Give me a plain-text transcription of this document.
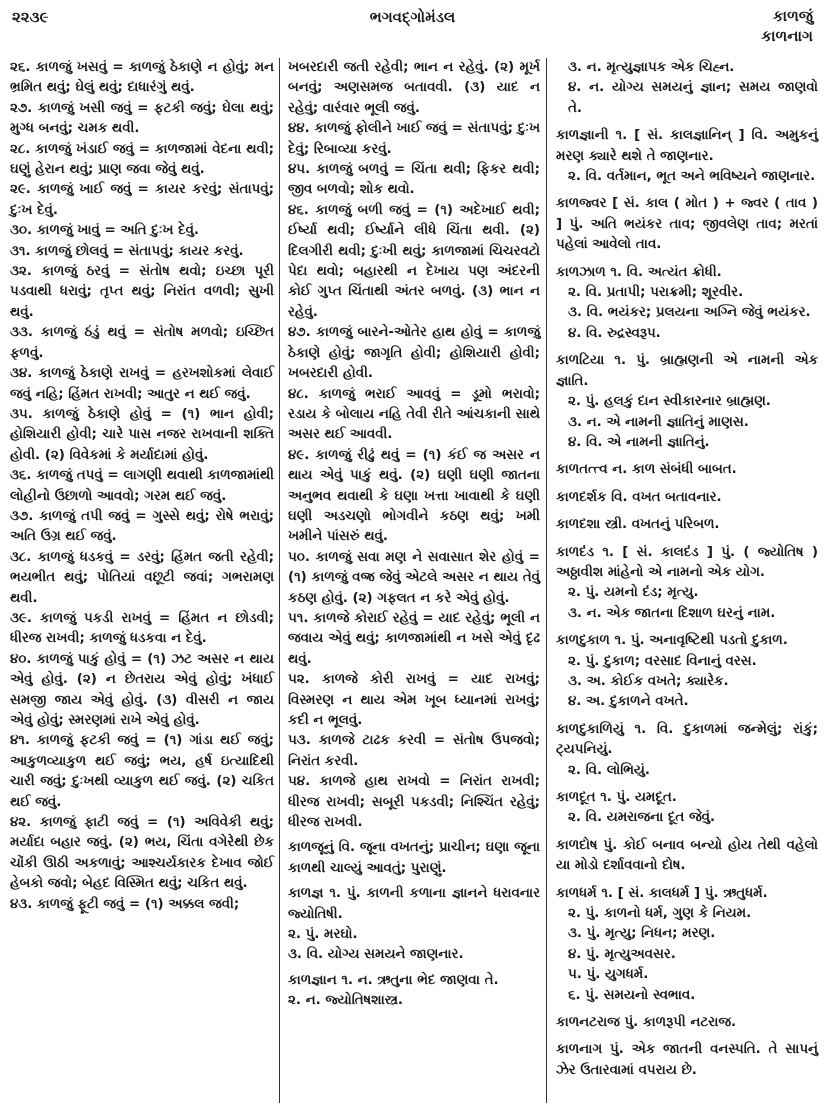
૨૨૩૯	ભગવદ્ગોમંડલ	કાળજું
કાળનાગ

૨૬. કાળજું ખસવું = કાળજું ઠેકાણે ન હોવું; મન ભ્રમિત થવું; ઘેલું થવું; દાધારંગું થવું.

૨૭. કાળજું ખસી જવું = ફટકી જવું; ઘેલા થવું; મુગ્ધ બનવું; ચમક થવી.

૨૮. કાળજું ખંડાઈ જવું = કાળજામાં વેદના થવી; ઘણું હેરાન થવું; પ્રાણ જવા જેવું થવું.

૨૯. કાળજું ખાઈ જવું = કાયર કરવું; સંતાપવું; દુઃખ દેવું.

૩૦. કાળજું ખાવું = અતિ દુઃખ દેવું.

૩૧. કાળજું છોલવું = સંતાપવું; કાયર કરવું.

૩૨. કાળજું ઠરવું = સંતોષ થવો; ઇચ્છા પૂરી પડવાથી ધરાવું; તૃપ્ત થવું; નિરાંત વળવી; સુખી થવું.

૩૩. કાળજું ઠંડું થવું = સંતોષ મળવો; ઇચ્છિત ફળવું.

૩૪. કાળજું ઠેકાણે રાખવું = હરખશોકમાં લેવાઈ જવું નહિ; હિંમત રાખવી; આતુર ન થઈ જવું.

૩૫. કાળજું ઠેકાણે હોવું = (૧) ભાન હોવી; હોશિયારી હોવી; ચારે પાસ નજર રાખવાની શક્તિ હોવી. (૨) વિવેકમાં કે મર્યાદામાં હોવું.

૩૬. કાળજું તપવું = લાગણી થવાથી કાળજામાંથી લોહીનો ઉછાળો આવવો; ગરમ થઈ જવું.

૩૭. કાળજું તપી જવું = ગુસ્સે થવું; રોષે ભરાવું; અતિ ઉગ્ર થઈ જવું.

૩૮. કાળજું ધડકવું = ડરવું; હિંમત જતી રહેવી; ભયભીત થવું; પોતિયાં વછૂટી જવાં; ગભરામણ થવી.

૩૯. કાળજું પકડી રાખવું = હિંમત ન છોડવી; ધીરજ રાખવી; કાળજું ધડકવા ન દેવું.

૪૦. કાળજું પાકું હોવું = (૧) ઝટ અસર ન થાય એવું હોવું. (૨) ન છેતરાય એવું હોવું; ખંધાઈ સમજી જાય એવું હોવું. (૩) વીસરી ન જાય એવું હોવું; સ્મરણમાં રાખે એવું હોવું.

૪૧. કાળજું ફટકી જવું = (૧) ગાંડા થઈ જવું; આકુળવ્યાકુળ થઈ જવું; ભય, હર્ષ ઇત્યાદિથી ચારી જવું; દુઃખથી વ્યાકુળ થઈ જવું. (૨) ચકિત થઈ જવું.

૪૨. કાળજું ફાટી જવું = (૧) અવિવેકી થવું; મર્યાદા બહાર જવું. (૨) ભય, ચિંતા વગેરેથી છેક ચોંકી ઊઠી અકળાવું; આશ્ચર્યકારક દેખાવ જોઈ હેબકો જવો; બેહદ વિસ્મિત થવું; ચકિત થવું.

૪૩. કાળજું ફૂટી જવું = (૧) અક્કલ જવી;

ખબરદારી જતી રહેવી; ભાન ન રહેવું. (૨) મૂર્ખ બનવું; અણસમજ બતાવવી. (૩) યાદ ન રહેવું; વારંવાર ભૂલી જવું.

૪૪. કાળજું ફોલીને ખાઈ જવું = સંતાપવું; દુઃખ દેવું; રિબાવ્યા કરવું.

૪૫. કાળજું બળવું = ચિંતા થવી; ફિકર થવી; જીવ બળવો; શોક થવો.

૪૬. કાળજું બળી જવું = (૧) અદેખાઈ થવી; ઈર્ષ્યા થવી; ઈર્ષ્યાને લીધે ચિંતા થવી. (૨) દિલગીરી થવી; દુઃખી થવું; કાળજામાં ચિચરવટો પેદા થવો; બહારથી ન દેખાય પણ અંદરની કોઈ ગુપ્ત ચિંતાથી અંતર બળવું. (૩) ભાન ન રહેવું.

૪૭. કાળજું બારને-ઓતેર હાથ હોવું = કાળજું ઠેકાણે હોવું; જાગૃતિ હોવી; હોશિયારી હોવી; ખબરદારી હોવી.

૪૮. કાળજું ભરાઈ આવવું = ડૂમો ભરાવો; રડાય કે બોલાય નહિ તેવી રીતે આંચકાની સાથે અસર થઈ આવવી.

૪૯. કાળજું રીઢું થવું = (૧) કંઈ જ અસર ન થાય એવું પાકું થવું. (૨) ઘણી ઘણી જાતના અનુભવ થવાથી કે ઘણા ખત્તા ખાવાથી કે ઘણી ઘણી અડચણો ભોગવીને કઠણ થવું; ખમી ખમીને પાંસરું થવું.

૫૦. કાળજું સવા મણ ને સવાસાત શેર હોવું = (૧) કાળજું વજ્ર જેવું એટલે અસર ન થાય તેવું કઠણ હોવું. (૨) ગફલત ન કરે એવું હોવું.

૫૧. કાળજે કોરાઈ રહેવું = યાદ રહેવું; ભૂલી ન જવાય એવું થવું; કાળજામાંથી ન ખસે એવું દૃઢ થવું.

૫૨. કાળજે કોરી રાખવું = યાદ રાખવું; વિસ્મરણ ન થાય એમ ખૂબ ધ્યાનમાં રાખવું; કદી ન ભૂલવું.

૫૩. કાળજે ટાઢક કરવી = સંતોષ ઉપજવો; નિરાંત કરવી.

૫૪. કાળજે હાથ રાખવો = નિરાંત રાખવી; ધીરજ રાખવી; સબૂરી પકડવી; નિશ્ચિંત રહેવું; ધીરજ રાખવી.

કાળજૂનું વિ. જૂના વખતનું; પ્રાચીન; ઘણા જૂના કાળથી ચાલ્યું આવતું; પુરાણું.

કાળજ્ઞ ૧. પું. કાળની કળાના જ્ઞાનને ધરાવનાર જ્યોતિષી.

૨. પું. મરઘો.

૩. વિ. યોગ્ય સમયને જાણનાર.

કાળજ્ઞાન ૧. ન. ઋતુના ભેદ જાણવા તે.

૨. ન. જ્યોતિષશાસ્ત્ર.

૩. ન. મૃત્યુજ્ઞાપક એક ચિહ્ન.

૪. ન. યોગ્ય સમયનું જ્ઞાન; સમય જાણવો તે.

કાળજ્ઞાની ૧. [ સં. કાલજ્ઞાનિન્ ] વિ. અમુકનું મરણ ક્યારે થશે તે જાણનાર.

૨. વિ. વર્તમાન, ભૂત અને ભવિષ્યને જાણનાર.

કાળજ્વર [ સં. કાલ ( મોત ) + જ્વર ( તાવ ) ] પું. અતિ ભયંકર તાવ; જીવલેણ તાવ; મરતાં પહેલાં આવેલો તાવ.

કાળઝાળ ૧. વિ. અત્યંત ક્રોધી.

૨. વિ. પ્રતાપી; પરાક્રમી; શૂરવીર.

૩. વિ. ભયંકર; પ્રલયના અગ્નિ જેવું ભયંકર.

૪. વિ. રુદ્રસ્વરૂપ.

કાળટિયા ૧. પું. બ્રાહ્મણની એ નામની એક જ્ઞાતિ.

૨. પું. હલકું દાન સ્વીકારનાર બ્રાહ્મણ.

૩. ન. એ નામની જ્ઞાતિનું માણસ.

૪. વિ. એ નામની જ્ઞાતિનું.

કાળતત્ત્વ ન. કાળ સંબંધી બાબત.

કાળદર્શક વિ. વખત બતાવનાર.

કાળદશા સ્ત્રી. વખતનું પરિબળ.

કાળદંડ ૧. [ સં. કાલદંડ ] પું. ( જ્યોતિષ ) અઠ્ઠાવીશ માંહેનો એ નામનો એક યોગ.

૨. પું. યમનો દંડ; મૃત્યુ.

૩. ન. એક જાતના દિશાળ ઘરનું નામ.

કાળદુકાળ ૧. પું. અનાવૃષ્ટિથી પડતો દુકાળ.

૨. પું. દુકાળ; વરસાદ વિનાનું વરસ.

૩. અ. કોઈક વખતે; ક્યારેક.

૪. અ. દુકાળને વખતે.

કાળદુકાળિયું ૧. વિ. દુકાળમાં જન્મેલું; રાંકું; ટ્યપનિયું.

૨. વિ. લોભિયું.

કાળદૂત ૧. પું. યમદૂત.

૨. વિ. યમરાજના દૂત જેવું.

કાળદોષ પું. કોઈ બનાવ બન્યો હોય તેથી વહેલો યા મોડો દર્શાવવાનો દોષ.

કાળધર્મ ૧. [ સં. કાલધર્મ ] પું. ઋતુધર્મ.

૨. પું. કાળનો ધર્મ, ગુણ કે નિયમ.

૩. પું. મૃત્યુ; નિધન; મરણ.

૪. પું. મૃત્યુઅવસર.

૫. પું. યુગધર્મ.

૬. પું. સમયનો સ્વભાવ.

કાળનટરાજ પું. કાળરૂપી નટરાજ.

કાળનાગ પું. એક જાતની વનસ્પતિ. તે સાપનું ઝેર ઉતારવામાં વપરાય છે.
